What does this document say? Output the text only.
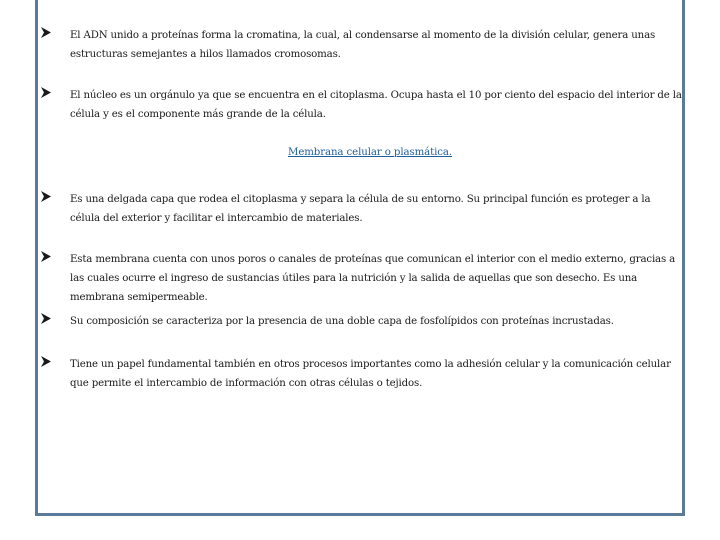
El ADN unido a proteínas forma la cromatina, la cual, al condensarse al momento de la división celular, genera unas estructuras semejantes a hilos llamados cromosomas.

El núcleo es un orgánulo ya que se encuentra en el citoplasma. Ocupa hasta el 10 por ciento del espacio del interior de la célula y es el componente más grande de la célula.

Membrana celular o plasmática.

Es una delgada capa que rodea el citoplasma y separa la célula de su entorno. Su principal función es proteger a la célula del exterior y facilitar el intercambio de materiales.

Esta membrana cuenta con unos poros o canales de proteínas que comunican el interior con el medio externo, gracias a las cuales ocurre el ingreso de sustancias útiles para la nutrición y la salida de aquellas que son desecho. Es una membrana semipermeable.

Su composición se caracteriza por la presencia de una doble capa de fosfolípidos con proteínas incrustadas.

Tiene un papel fundamental también en otros procesos importantes como la adhesión celular y la comunicación celular que permite el intercambio de información con otras células o tejidos.
